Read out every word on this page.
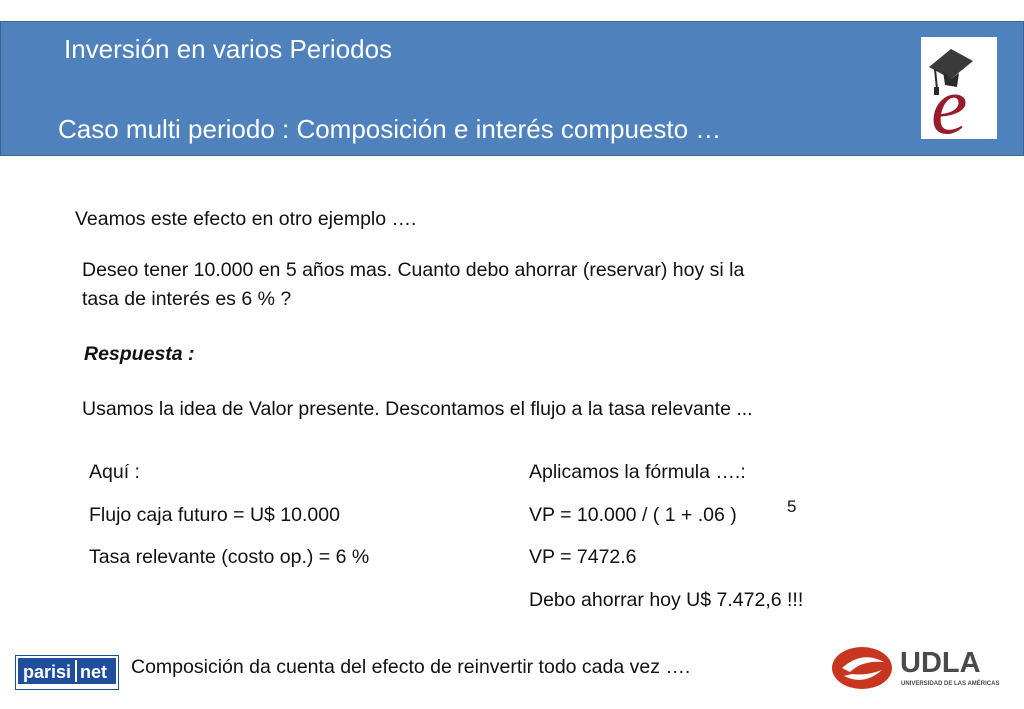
Inversión en varios Periodos
Caso multi periodo : Composición e interés compuesto …	e
Veamos este efecto en otro ejemplo ….
Deseo tener 10.000 en 5 años mas. Cuanto debo ahorrar (reservar) hoy si la
tasa de interés es 6 % ?
Respuesta :
Usamos la idea de Valor presente. Descontamos el flujo a la tasa relevante ...
Aquí :
Flujo caja futuro = U$ 10.000
Tasa relevante (costo op.) = 6 %
Aplicamos la fórmula ….:
VP = 10.000 / ( 1 + .06 )	5
VP = 7472.6
Debo ahorrar hoy U$ 7.472,6 !!!
parisi net Composición da cuenta del efecto de reinvertir todo cada vez ….	UDLA
UNIVERSIDAD DE LAS AMÉRICAS
